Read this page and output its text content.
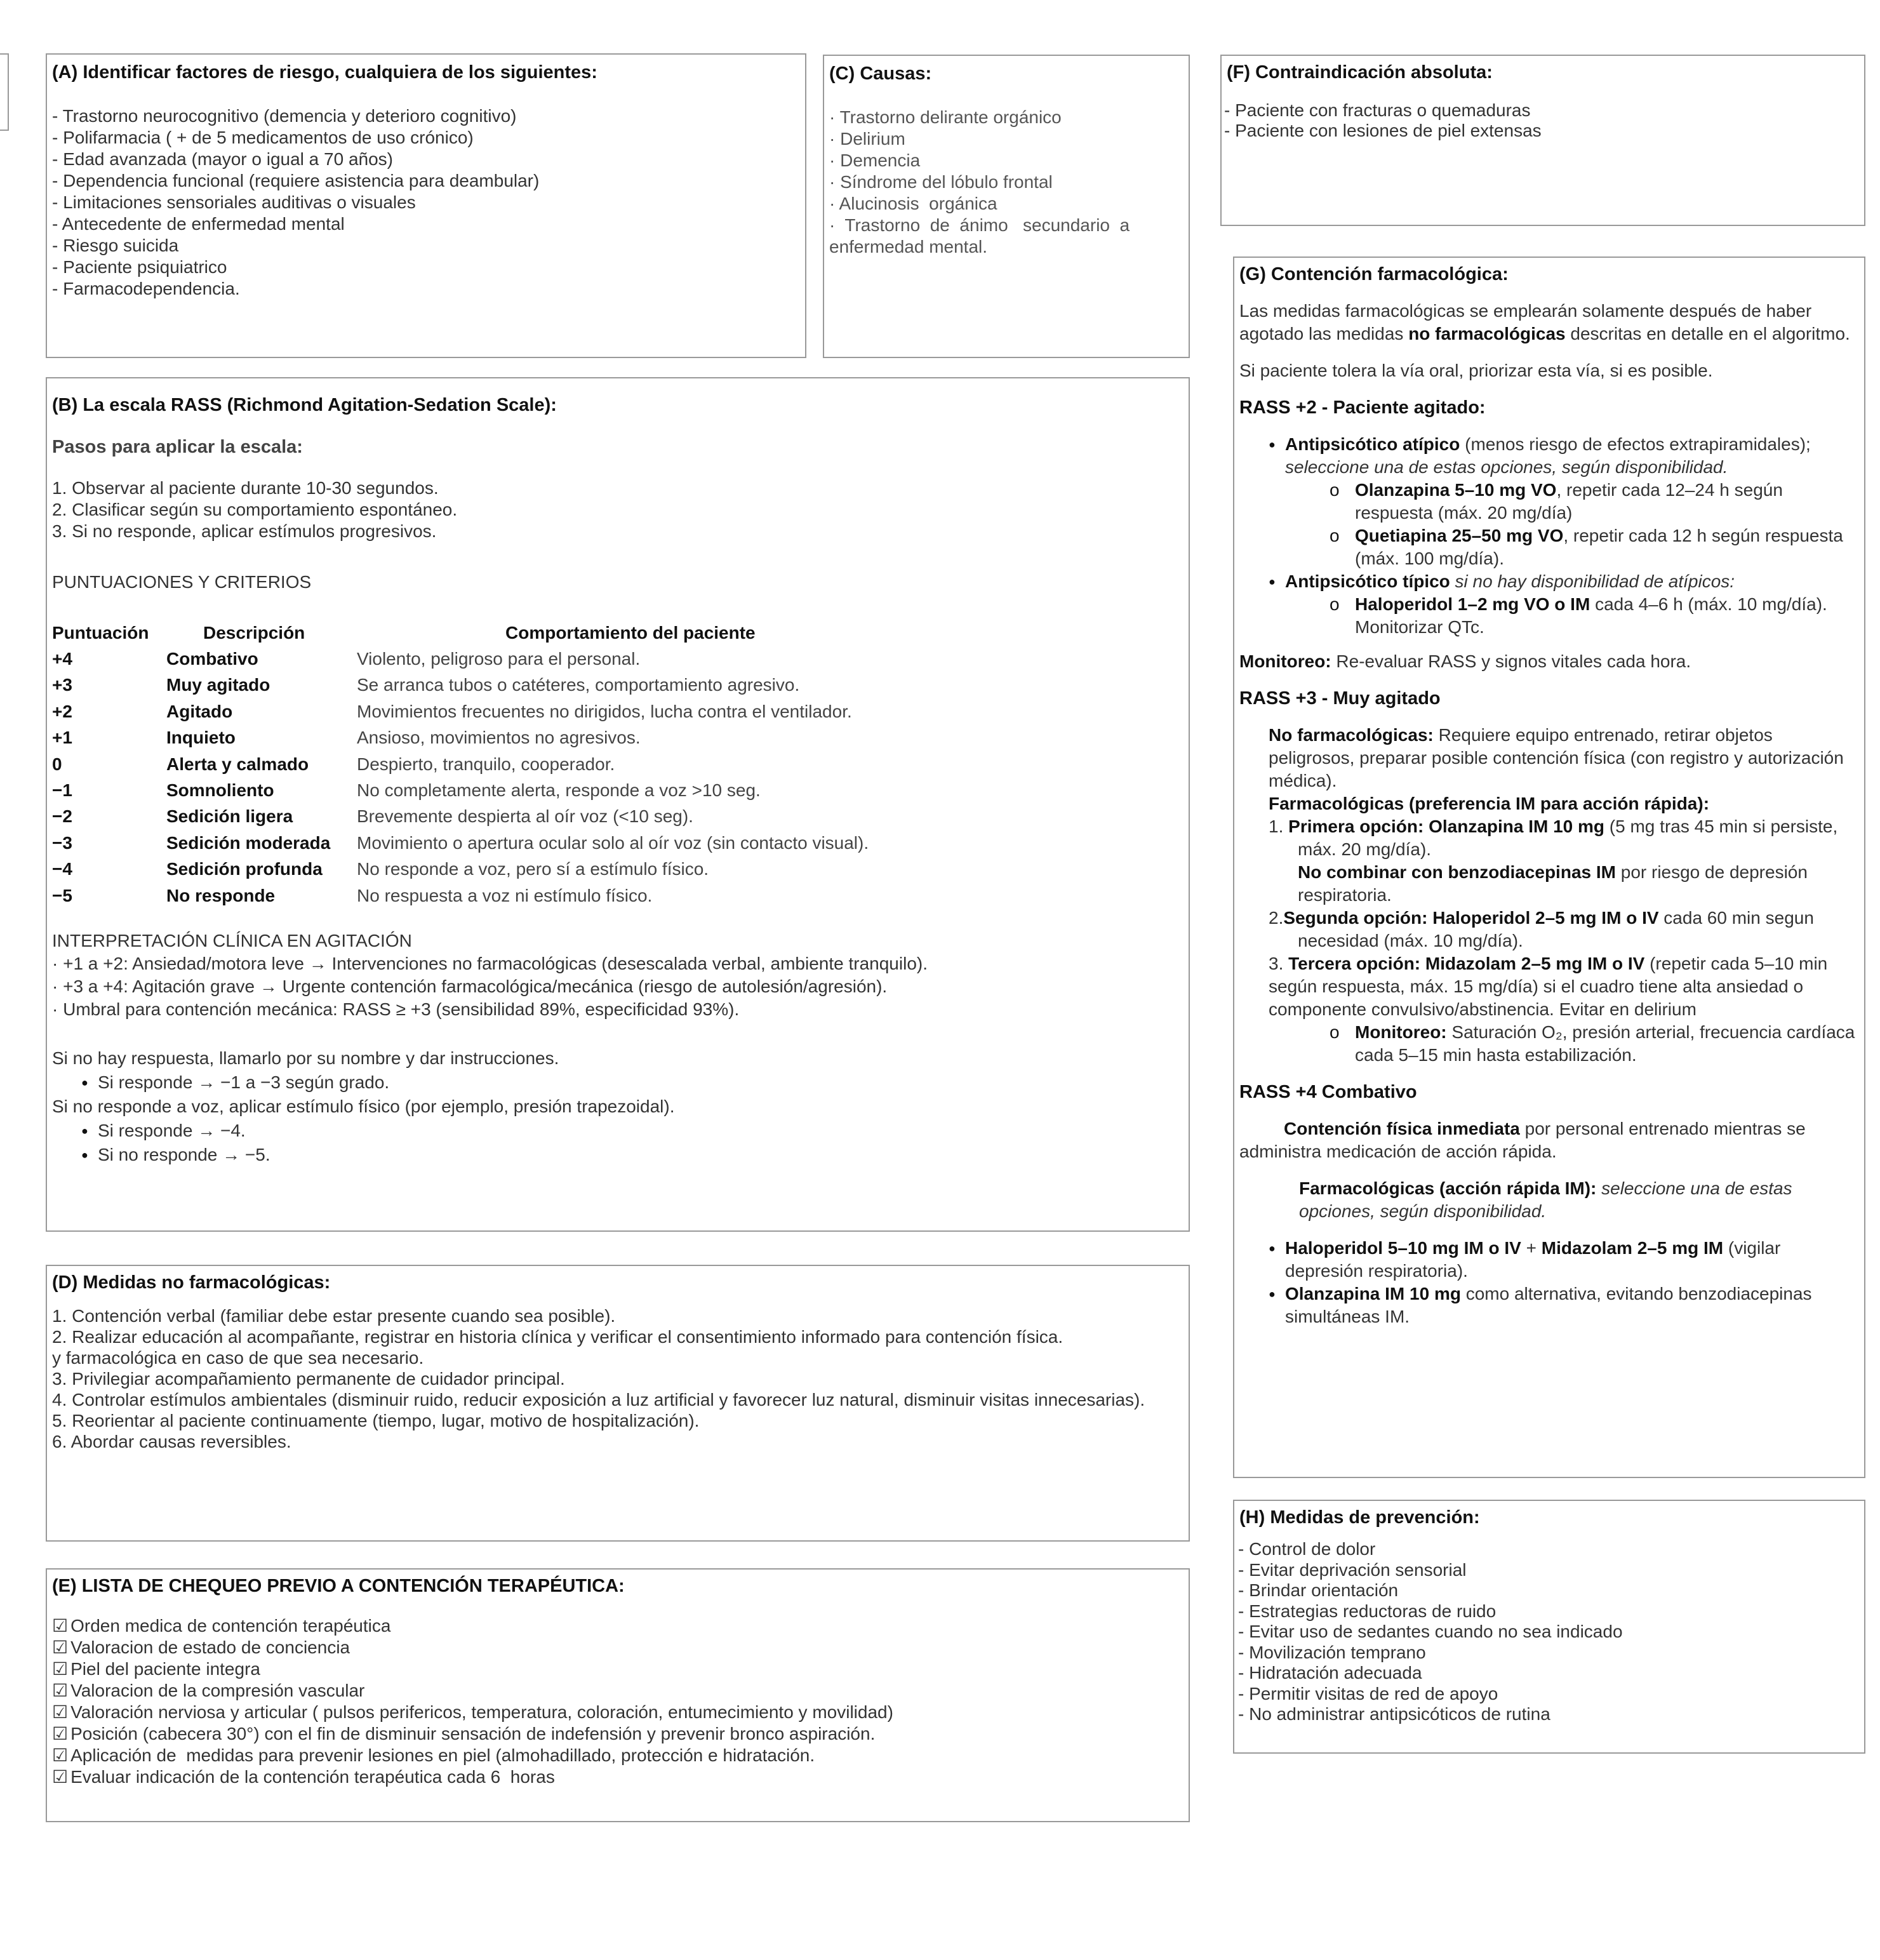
(A) Identificar factores de riesgo, cualquiera de los siguientes:
- Trastorno neurocognitivo (demencia y deterioro cognitivo)
- Polifarmacia ( + de 5 medicamentos de uso crónico)
- Edad avanzada (mayor o igual a 70 años)
- Dependencia funcional (requiere asistencia para deambular)
- Limitaciones sensoriales auditivas o visuales
- Antecedente de enfermedad mental
- Riesgo suicida
- Paciente psiquiatrico
- Farmacodependencia.
(C) Causas:
· Trastorno delirante orgánico
· Delirium
· Demencia
· Síndrome del lóbulo frontal
· Alucinosis  orgánica
·  Trastorno  de  ánimo   secundario  a
enfermedad mental.
(F) Contraindicación absoluta:
- Paciente con fracturas o quemaduras
- Paciente con lesiones de piel extensas
(B) La escala RASS (Richmond Agitation-Sedation Scale):
Pasos para aplicar la escala:
1. Observar al paciente durante 10-30 segundos.
2. Clasificar según su comportamiento espontáneo.
3. Si no responde, aplicar estímulos progresivos.
PUNTUACIONES Y CRITERIOS
Puntuación	Descripción	Comportamiento del paciente
+4	Combativo	Violento, peligroso para el personal.
+3	Muy agitado	Se arranca tubos o catéteres, comportamiento agresivo.
+2	Agitado	Movimientos frecuentes no dirigidos, lucha contra el ventilador.
+1	Inquieto	Ansioso, movimientos no agresivos.
0	Alerta y calmado	Despierto, tranquilo, cooperador.
−1	Somnoliento	No completamente alerta, responde a voz >10 seg.
−2	Sedición ligera	Brevemente despierta al oír voz (<10 seg).
−3	Sedición moderada	Movimiento o apertura ocular solo al oír voz (sin contacto visual).
−4	Sedición profunda	No responde a voz, pero sí a estímulo físico.
−5	No responde	No respuesta a voz ni estímulo físico.
INTERPRETACIÓN CLÍNICA EN AGITACIÓN
· +1 a +2: Ansiedad/motora leve → Intervenciones no farmacológicas (desescalada verbal, ambiente tranquilo).
· +3 a +4: Agitación grave → Urgente contención farmacológica/mecánica (riesgo de autolesión/agresión).
· Umbral para contención mecánica: RASS ≥ +3 (sensibilidad 89%, especificidad 93%).
Si no hay respuesta, llamarlo por su nombre y dar instrucciones.
● Si responde → −1 a −3 según grado.
Si no responde a voz, aplicar estímulo físico (por ejemplo, presión trapezoidal).
● Si responde → −4.
● Si no responde → −5.
(D) Medidas no farmacológicas:
1. Contención verbal (familiar debe estar presente cuando sea posible).
2. Realizar educación al acompañante, registrar en historia clínica y verificar el consentimiento informado para contención física.
y farmacológica en caso de que sea necesario.
3. Privilegiar acompañamiento permanente de cuidador principal.
4. Controlar estímulos ambientales (disminuir ruido, reducir exposición a luz artificial y favorecer luz natural, disminuir visitas innecesarias).
5. Reorientar al paciente continuamente (tiempo, lugar, motivo de hospitalización).
6. Abordar causas reversibles.
(E) LISTA DE CHEQUEO PREVIO A CONTENCIÓN TERAPÉUTICA:
☑ Orden medica de contención terapéutica
☑ Valoracion de estado de conciencia
☑ Piel del paciente integra
☑ Valoracion de la compresión vascular
☑ Valoración nerviosa y articular ( pulsos perifericos, temperatura, coloración, entumecimiento y movilidad)
☑ Posición (cabecera 30°) con el fin de disminuir sensación de indefensión y prevenir bronco aspiración.
☑ Aplicación de  medidas para prevenir lesiones en piel (almohadillado, protección e hidratación.
☑ Evaluar indicación de la contención terapéutica cada 6  horas
(G) Contención farmacológica:
Las medidas farmacológicas se emplearán solamente después de haber agotado las medidas no farmacológicas descritas en detalle en el algoritmo.
Si paciente tolera la vía oral, priorizar esta vía, si es posible.
RASS +2 - Paciente agitado:
● Antipsicótico atípico (menos riesgo de efectos extrapiramidales); seleccione una de estas opciones, según disponibilidad.
o Olanzapina 5–10 mg VO, repetir cada 12–24 h según respuesta (máx. 20 mg/día)
o Quetiapina 25–50 mg VO, repetir cada 12 h según respuesta (máx. 100 mg/día).
● Antipsicótico típico si no hay disponibilidad de atípicos:
o Haloperidol 1–2 mg VO o IM cada 4–6 h (máx. 10 mg/día). Monitorizar QTc.
Monitoreo: Re-evaluar RASS y signos vitales cada hora.
RASS +3 - Muy agitado
No farmacológicas: Requiere equipo entrenado, retirar objetos peligrosos, preparar posible contención física (con registro y autorización médica).
Farmacológicas (preferencia IM para acción rápida):
1. Primera opción: Olanzapina IM 10 mg (5 mg tras 45 min si persiste, máx. 20 mg/día).
No combinar con benzodiacepinas IM por riesgo de depresión respiratoria.
2.Segunda opción: Haloperidol 2–5 mg IM o IV cada 60 min segun necesidad (máx. 10 mg/día).
3. Tercera opción: Midazolam 2–5 mg IM o IV (repetir cada 5–10 min según respuesta, máx. 15 mg/día) si el cuadro tiene alta ansiedad o componente convulsivo/abstinencia. Evitar en delirium
o Monitoreo: Saturación O₂, presión arterial, frecuencia cardíaca cada 5–15 min hasta estabilización.
RASS +4 Combativo
Contención física inmediata por personal entrenado mientras se administra medicación de acción rápida.
Farmacológicas (acción rápida IM): seleccione una de estas opciones, según disponibilidad.
● Haloperidol 5–10 mg IM o IV + Midazolam 2–5 mg IM (vigilar depresión respiratoria).
● Olanzapina IM 10 mg como alternativa, evitando benzodiacepinas simultáneas IM.
(H) Medidas de prevención:
- Control de dolor
- Evitar deprivación sensorial
- Brindar orientación
- Estrategias reductoras de ruido
- Evitar uso de sedantes cuando no sea indicado
- Movilización temprano
- Hidratación adecuada
- Permitir visitas de red de apoyo
- No administrar antipsicóticos de rutina
